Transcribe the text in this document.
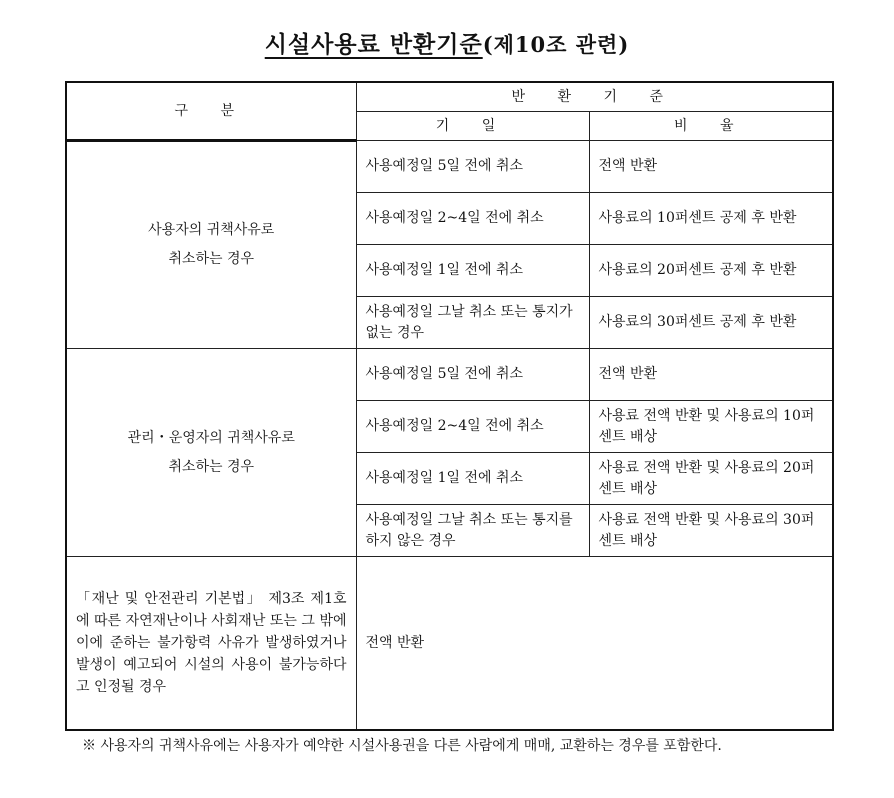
시설사용료 반환기준(제10조 관련)
구 분	반 환 기 준	
	기 일	비 율

사용자의 귀책사유로
취소하는 경우	사용예정일 5일 전에 취소	전액 반환
	사용예정일 2~4일 전에 취소	사용료의 10퍼센트 공제 후 반환
	사용예정일 1일 전에 취소	사용료의 20퍼센트 공제 후 반환
	사용예정일 그날 취소 또는 통지가 없는 경우	사용료의 30퍼센트 공제 후 반환

관리・운영자의 귀책사유로
취소하는 경우	사용예정일 5일 전에 취소	전액 반환
	사용예정일 2~4일 전에 취소	사용료 전액 반환 및 사용료의 10퍼센트 배상
	사용예정일 1일 전에 취소	사용료 전액 반환 및 사용료의 20퍼센트 배상
	사용예정일 그날 취소 또는 통지를 하지 않은 경우	사용료 전액 반환 및 사용료의 30퍼센트 배상
「재난 및 안전관리 기본법」 제3조 제1호에 따른 자연재난이나 사회재난 또는 그 밖에 이에 준하는 불가항력 사유가 발생하였거나 발생이 예고되어 시설의 사용이 불가능하다고 인정될 경우	전액 반환	
※ 사용자의 귀책사유에는 사용자가 예약한 시설사용권을 다른 사람에게 매매, 교환하는 경우를 포함한다.
